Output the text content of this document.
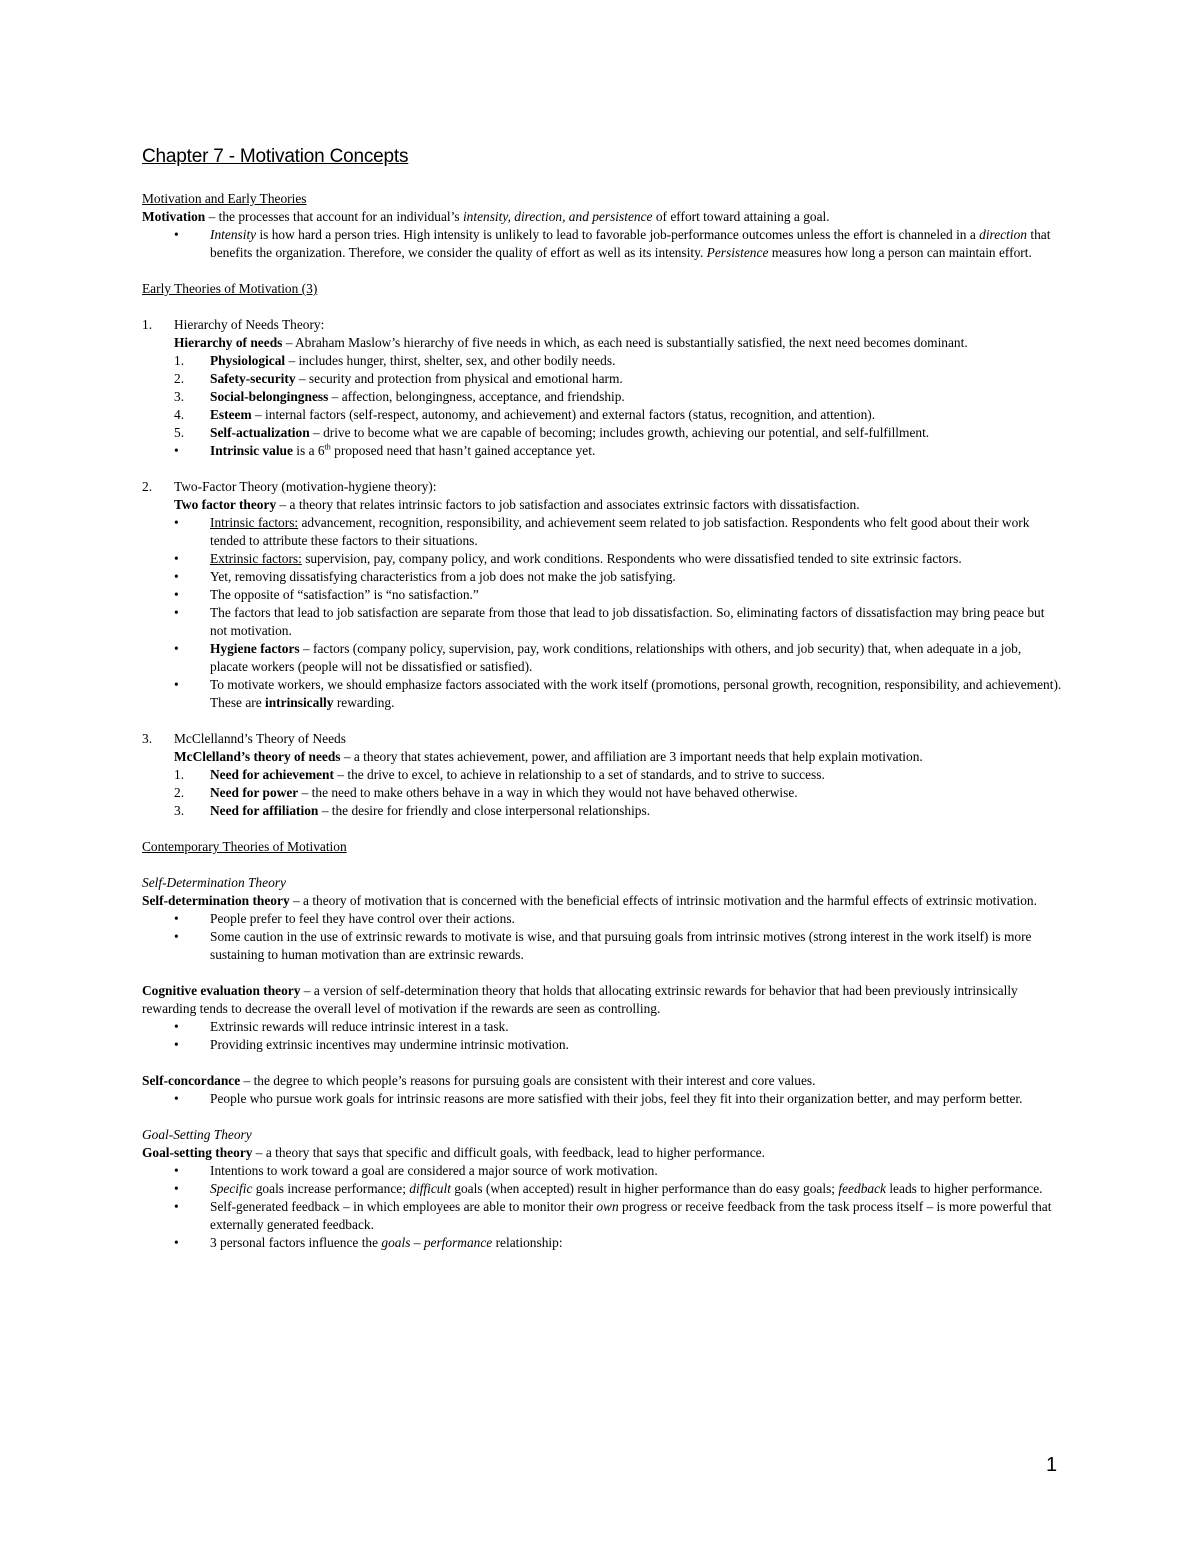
Chapter 7 - Motivation Concepts

Motivation and Early Theories

Motivation – the processes that account for an individual’s intensity, direction, and persistence of effort toward attaining a goal.

• Intensity is how hard a person tries. High intensity is unlikely to lead to favorable job-performance outcomes unless the effort is channeled in a direction that benefits the organization. Therefore, we consider the quality of effort as well as its intensity. Persistence measures how long a person can maintain effort.

Early Theories of Motivation (3)

1. Hierarchy of Needs Theory:

Hierarchy of needs – Abraham Maslow’s hierarchy of five needs in which, as each need is substantially satisfied, the next need becomes dominant.

1. Physiological – includes hunger, thirst, shelter, sex, and other bodily needs.
2. Safety-security – security and protection from physical and emotional harm.
3. Social-belongingness – affection, belongingness, acceptance, and friendship.
4. Esteem – internal factors (self-respect, autonomy, and achievement) and external factors (status, recognition, and attention).
5. Self-actualization – drive to become what we are capable of becoming; includes growth, achieving our potential, and self-fulfillment.
• Intrinsic value is a 6th proposed need that hasn’t gained acceptance yet.
2. Two-Factor Theory (motivation-hygiene theory):

Two factor theory – a theory that relates intrinsic factors to job satisfaction and associates extrinsic factors with dissatisfaction.

• Intrinsic factors: advancement, recognition, responsibility, and achievement seem related to job satisfaction. Respondents who felt good about their work tended to attribute these factors to their situations.
• Extrinsic factors: supervision, pay, company policy, and work conditions. Respondents who were dissatisfied tended to site extrinsic factors.
• Yet, removing dissatisfying characteristics from a job does not make the job satisfying.
• The opposite of “satisfaction” is “no satisfaction.”
• The factors that lead to job satisfaction are separate from those that lead to job dissatisfaction. So, eliminating factors of dissatisfaction may bring peace but not motivation.
• Hygiene factors – factors (company policy, supervision, pay, work conditions, relationships with others, and job security) that, when adequate in a job, placate workers (people will not be dissatisfied or satisfied).
• To motivate workers, we should emphasize factors associated with the work itself (promotions, personal growth, recognition, responsibility, and achievement). These are intrinsically rewarding.
3. McClellannd’s Theory of Needs

McClelland’s theory of needs – a theory that states achievement, power, and affiliation are 3 important needs that help explain motivation.

1. Need for achievement – the drive to excel, to achieve in relationship to a set of standards, and to strive to success.
2. Need for power – the need to make others behave in a way in which they would not have behaved otherwise.
3. Need for affiliation – the desire for friendly and close interpersonal relationships.

Contemporary Theories of Motivation

Self-Determination Theory

Self-determination theory – a theory of motivation that is concerned with the beneficial effects of intrinsic motivation and the harmful effects of extrinsic motivation.

• People prefer to feel they have control over their actions.
• Some caution in the use of extrinsic rewards to motivate is wise, and that pursuing goals from intrinsic motives (strong interest in the work itself) is more sustaining to human motivation than are extrinsic rewards.

Cognitive evaluation theory – a version of self-determination theory that holds that allocating extrinsic rewards for behavior that had been previously intrinsically rewarding tends to decrease the overall level of motivation if the rewards are seen as controlling.

• Extrinsic rewards will reduce intrinsic interest in a task.
• Providing extrinsic incentives may undermine intrinsic motivation.

Self-concordance – the degree to which people’s reasons for pursuing goals are consistent with their interest and core values.

• People who pursue work goals for intrinsic reasons are more satisfied with their jobs, feel they fit into their organization better, and may perform better.

Goal-Setting Theory

Goal-setting theory – a theory that says that specific and difficult goals, with feedback, lead to higher performance.

• Intentions to work toward a goal are considered a major source of work motivation.
• Specific goals increase performance; difficult goals (when accepted) result in higher performance than do easy goals; feedback leads to higher performance.
• Self-generated feedback – in which employees are able to monitor their own progress or receive feedback from the task process itself – is more powerful that externally generated feedback.
• 3 personal factors influence the goals – performance relationship:
1
